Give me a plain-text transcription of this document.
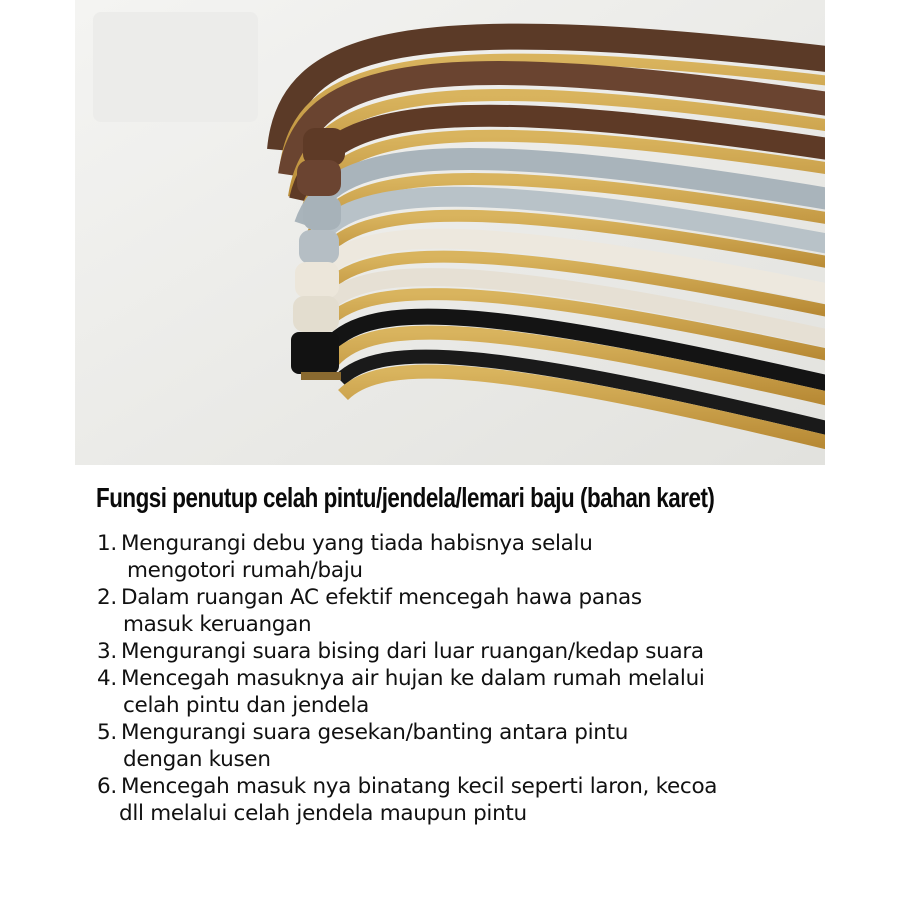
Fungsi penutup celah pintu/jendela/lemari baju (bahan karet)
1. Mengurangi debu yang tiada habisnya selalu
mengotori rumah/baju
2. Dalam ruangan AC efektif mencegah hawa panas
masuk keruangan
3. Mengurangi suara bising dari luar ruangan/kedap suara
4. Mencegah masuknya air hujan ke dalam rumah melalui
celah pintu dan jendela
5. Mengurangi suara gesekan/banting antara pintu
dengan kusen
6. Mencegah masuk nya binatang kecil seperti laron, kecoa
dll melalui celah jendela maupun pintu
